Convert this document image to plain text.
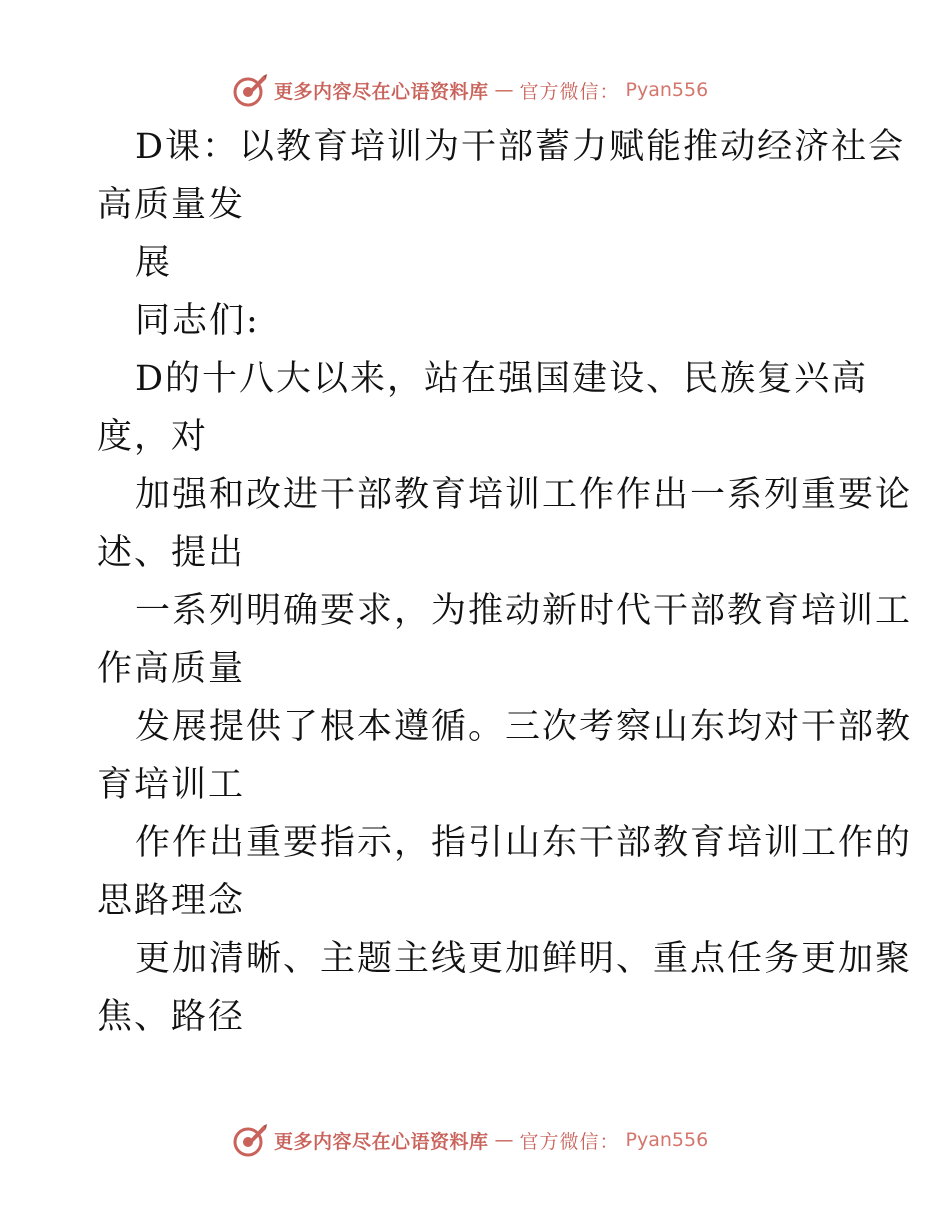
更多内容尽在心语资料库 — 官方微信： Pyan556
D课：以教育培训为干部蓄力赋能推动经济社会
高质量发
展
同志们:
D的十八大以来，站在强国建设、民族复兴高
度，对
加强和改进干部教育培训工作作出一系列重要论
述、提出
一系列明确要求，为推动新时代干部教育培训工
作高质量
发展提供了根本遵循。三次考察山东均对干部教
育培训工
作作出重要指示，指引山东干部教育培训工作的
思路理念
更加清晰、主题主线更加鲜明、重点任务更加聚
焦、路径
更多内容尽在心语资料库 — 官方微信： Pyan556
